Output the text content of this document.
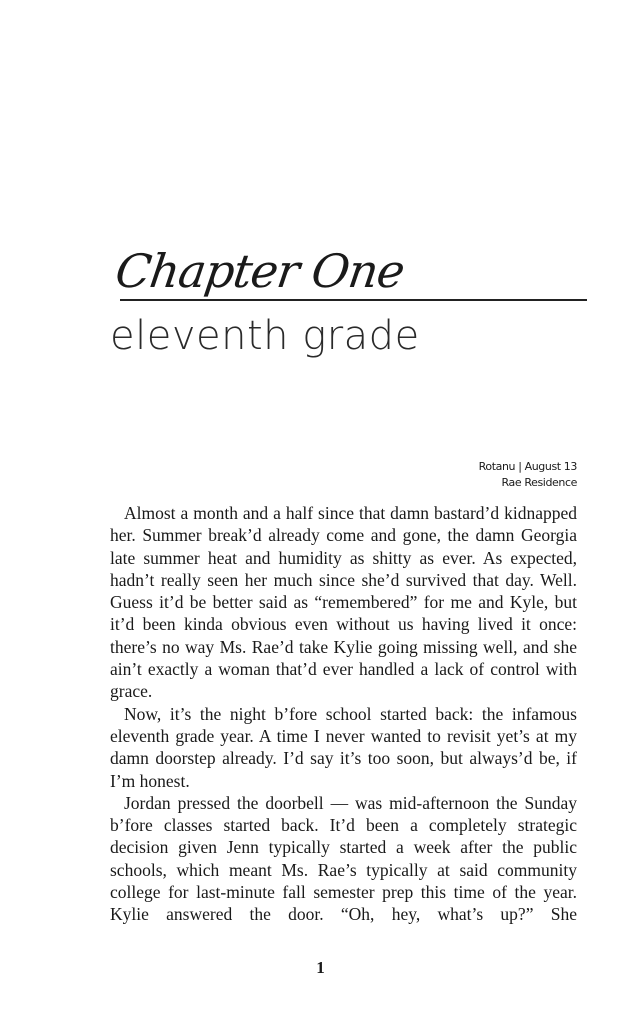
Chapter One
eleventh grade
Rotanu | August 13
Rae Residence

Almost a month and a half since that damn bastard’d kidnapped her. Summer break’d already come and gone, the damn Georgia late summer heat and humidity as shitty as ever. As expected, hadn’t really seen her much since she’d survived that day. Well. Guess it’d be better said as “remembered” for me and Kyle, but it’d been kinda obvious even without us having lived it once: there’s no way Ms. Rae’d take Kylie going missing well, and she ain’t exactly a woman that’d ever handled a lack of control with grace.

Now, it’s the night b’fore school started back: the infamous eleventh grade year. A time I never wanted to revisit yet’s at my damn doorstep already. I’d say it’s too soon, but always’d be, if I’m honest.

Jordan pressed the doorbell — was mid-afternoon the Sunday b’fore classes started back. It’d been a completely strategic decision given Jenn typically started a week after the public schools, which meant Ms. Rae’s typically at said community college for last-minute fall semester prep this time of the year. Kylie answered the door. “Oh, hey, what’s up?” She

1
